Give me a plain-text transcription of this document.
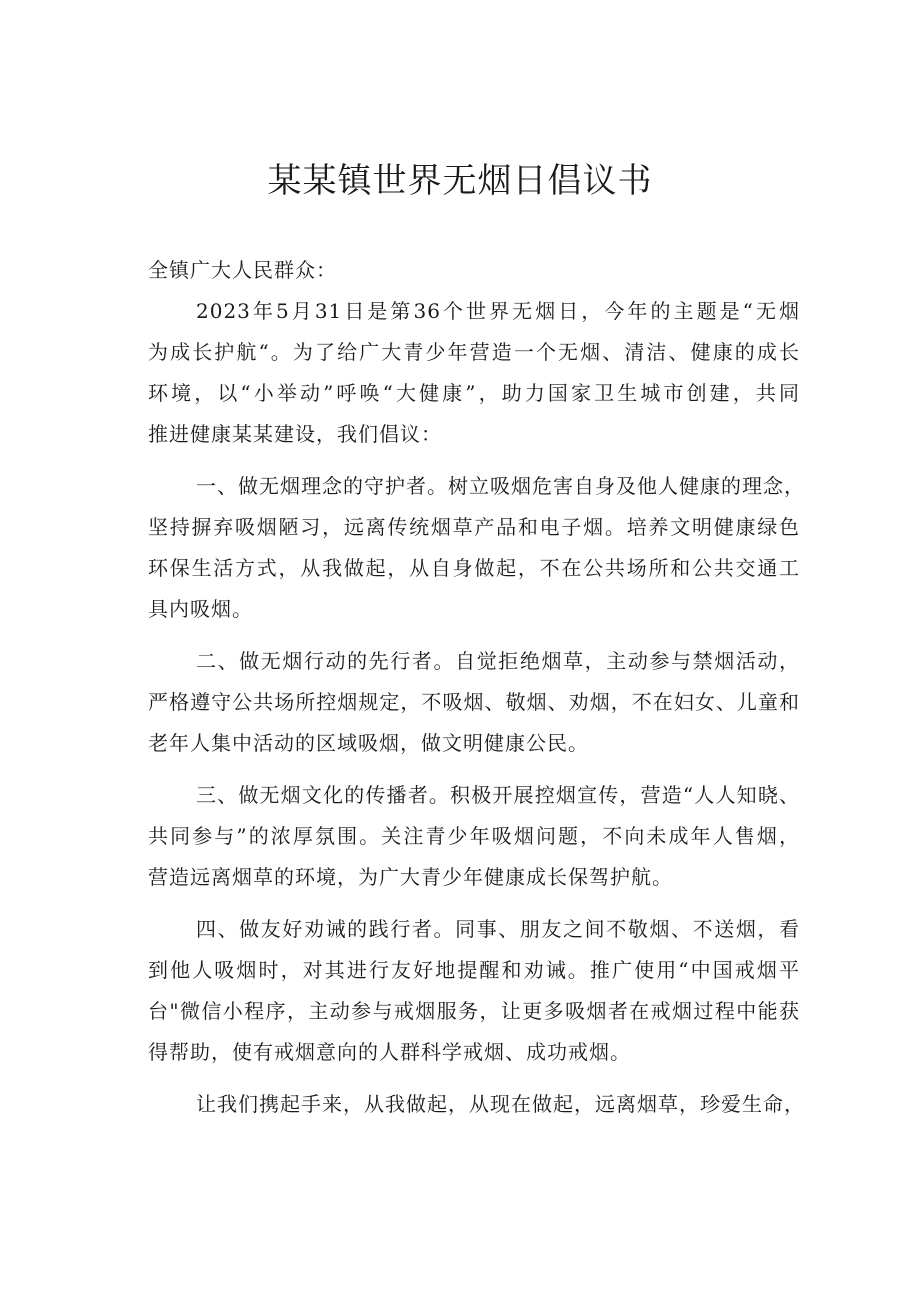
某某镇世界无烟日倡议书
全镇广大人民群众：
2023年5月31日是第36个世界无烟日，今年的主题是“无烟
为成长护航“。为了给广大青少年营造一个无烟、清洁、健康的成长
环境，以“小举动”呼唤“大健康”，助力国家卫生城市创建，共同
推进健康某某建设，我们倡议：
一、做无烟理念的守护者。树立吸烟危害自身及他人健康的理念，
坚持摒弃吸烟陋习，远离传统烟草产品和电子烟。培养文明健康绿色
环保生活方式，从我做起，从自身做起，不在公共场所和公共交通工
具内吸烟。
二、做无烟行动的先行者。自觉拒绝烟草，主动参与禁烟活动，
严格遵守公共场所控烟规定，不吸烟、敬烟、劝烟，不在妇女、儿童和
老年人集中活动的区域吸烟，做文明健康公民。
三、做无烟文化的传播者。积极开展控烟宣传，营造“人人知晓、
共同参与”的浓厚氛围。关注青少年吸烟问题，不向未成年人售烟，
营造远离烟草的环境，为广大青少年健康成长保驾护航。
四、做友好劝诫的践行者。同事、朋友之间不敬烟、不送烟，看
到他人吸烟时，对其进行友好地提醒和劝诫。推广使用“中国戒烟平
台"微信小程序，主动参与戒烟服务，让更多吸烟者在戒烟过程中能获
得帮助，使有戒烟意向的人群科学戒烟、成功戒烟。
让我们携起手来，从我做起，从现在做起，远离烟草，珍爱生命，
